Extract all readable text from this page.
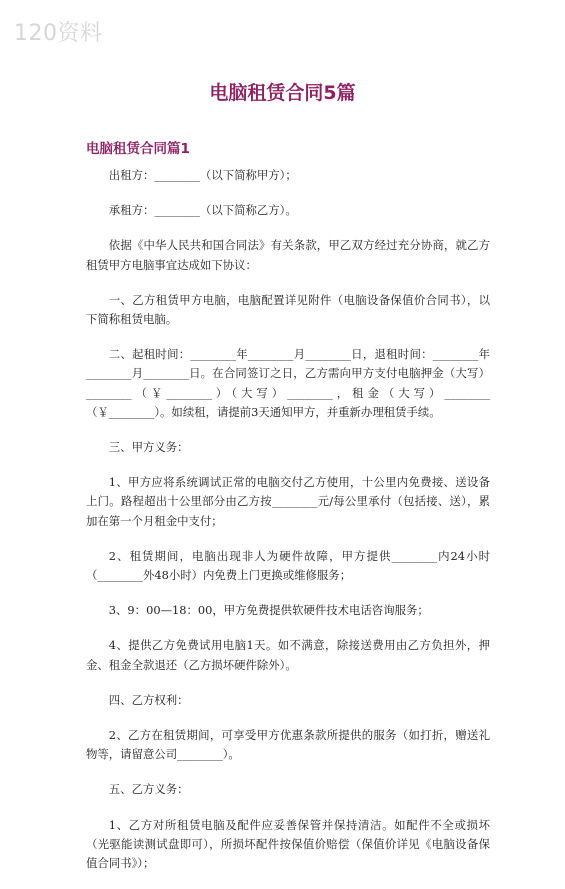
120资料
电脑租赁合同5篇
电脑租赁合同篇1

出租方：________（以下简称甲方）；

承租方：________（以下简称乙方）。

依据《中华人民共和国合同法》有关条款，甲乙双方经过充分协商，就乙方租赁甲方电脑事宜达成如下协议：

一、乙方租赁甲方电脑，电脑配置详见附件（电脑设备保值价合同书），以下简称租赁电脑。

二、起租时间：________年________月________日，退租时间：________年________月________日。在合同签订之日，乙方需向甲方支付电脑押金（大写）________（￥________）（大写）________，租金（大写）________（￥________）。如续租，请提前3天通知甲方，并重新办理租赁手续。

三、甲方义务：

1、甲方应将系统调试正常的电脑交付乙方使用，十公里内免费接、送设备上门。路程超出十公里部分由乙方按________元/每公里承付（包括接、送），累加在第一个月租金中支付；

2、租赁期间，电脑出现非人为硬件故障，甲方提供________内24小时（________外48小时）内免费上门更换或维修服务；

3、9：00—18：00，甲方免费提供软硬件技术电话咨询服务；

4、提供乙方免费试用电脑1天。如不满意，除接送费用由乙方负担外，押金、租金全款退还（乙方损坏硬件除外）。

四、乙方权利：

2、乙方在租赁期间，可享受甲方优惠条款所提供的服务（如打折，赠送礼物等，请留意公司________）。

五、乙方义务：

1、乙方对所租赁电脑及配件应妥善保管并保持清洁。如配件不全或损坏（光驱能读测试盘即可），所损坏配件按保值价赔偿（保值价详见《电脑设备保值合同书》）；
